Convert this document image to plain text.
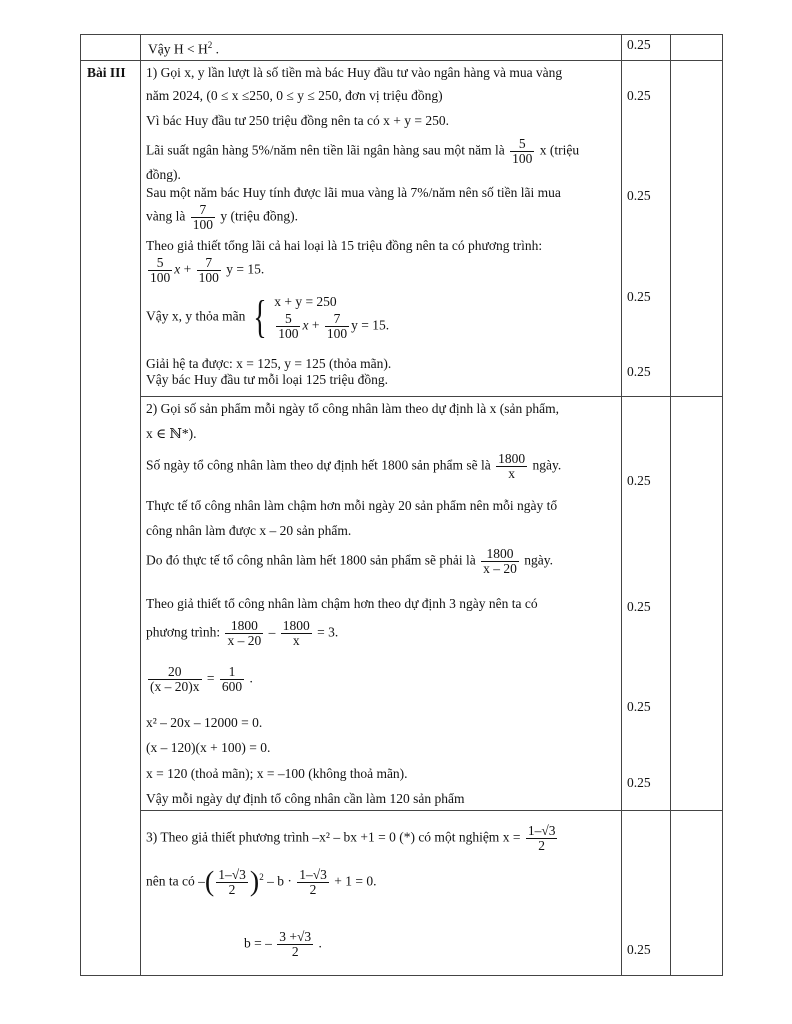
Vậy $H < H^2$ .	0.25
Bài III 1) Gọi x, y lần lượt là số tiền mà bác Huy đầu tư vào ngân hàng và mua vàng
năm 2024, (0 ≤ x ≤250, 0 ≤ y ≤ 250, đơn vị triệu đồng)
Vì bác Huy đầu tư 250 triệu đồng nên ta có x + y = 250.
Lãi suất ngân hàng 5%/năm nên tiền lãi ngân hàng sau một năm là $\frac{5}{100}$ x (triệu
đồng).
Sau một năm bác Huy tính được lãi mua vàng là 7%/năm nên số tiền lãi mua
vàng là $\frac{7}{100}$ y (triệu đồng).
Theo giả thiết tổng lãi cả hai loại là 15 triệu đồng nên ta có phương trình:
$\frac{5}{100}$ $x + \frac{7}{100}$ y = 15.
Vậy x, y thỏa mãn { x + y = 250
$\frac{5}{100}$ $x + \frac{7}{100}$ y = 15.
Giải hệ ta được: x = 125, y = 125 (thỏa mãn).
Vậy bác Huy đầu tư mỗi loại 125 triệu đồng.
0.25
0.25
0.25
0.25
2) Gọi số sản phẩm mỗi ngày tổ công nhân làm theo dự định là x (sản phẩm,
x ∈ ℕ*).
Số ngày tổ công nhân làm theo dự định hết 1800 sản phẩm sẽ là $\frac{1800}{x}$ ngày.
Thực tế tổ công nhân làm chậm hơn mỗi ngày 20 sản phẩm nên mỗi ngày tổ
công nhân làm được x – 20 sản phẩm.
Do đó thực tế tổ công nhân làm hết 1800 sản phẩm sẽ phải là $\frac{1800}{x - 20}$ ngày.
Theo giả thiết tổ công nhân làm chậm hơn theo dự định 3 ngày nên ta có
phương trình: $\frac{1800}{x - 20} - \frac{1800}{x} = 3$.
$\frac{20}{(x - 20)x} = \frac{1}{600}$ .
x² – 20x – 12000 = 0.
(x – 120)(x + 100) = 0.
x = 120 (thoả mãn); x = –100 (không thoả mãn).
Vậy mỗi ngày dự định tổ công nhân cần làm 120 sản phẩm
0.25
0.25
0.25
0.25
3) Theo giả thiết phương trình –x² – bx +1 = 0 (*) có một nghiệm $x = \frac{1-√3}{2}$
nên ta có –( $\frac{1-√3}{2} )^2 - b \cdot \frac{1-√3}{2} + 1 = 0$.
b = – $\frac{3 +√3}{2}$ .	0.25
